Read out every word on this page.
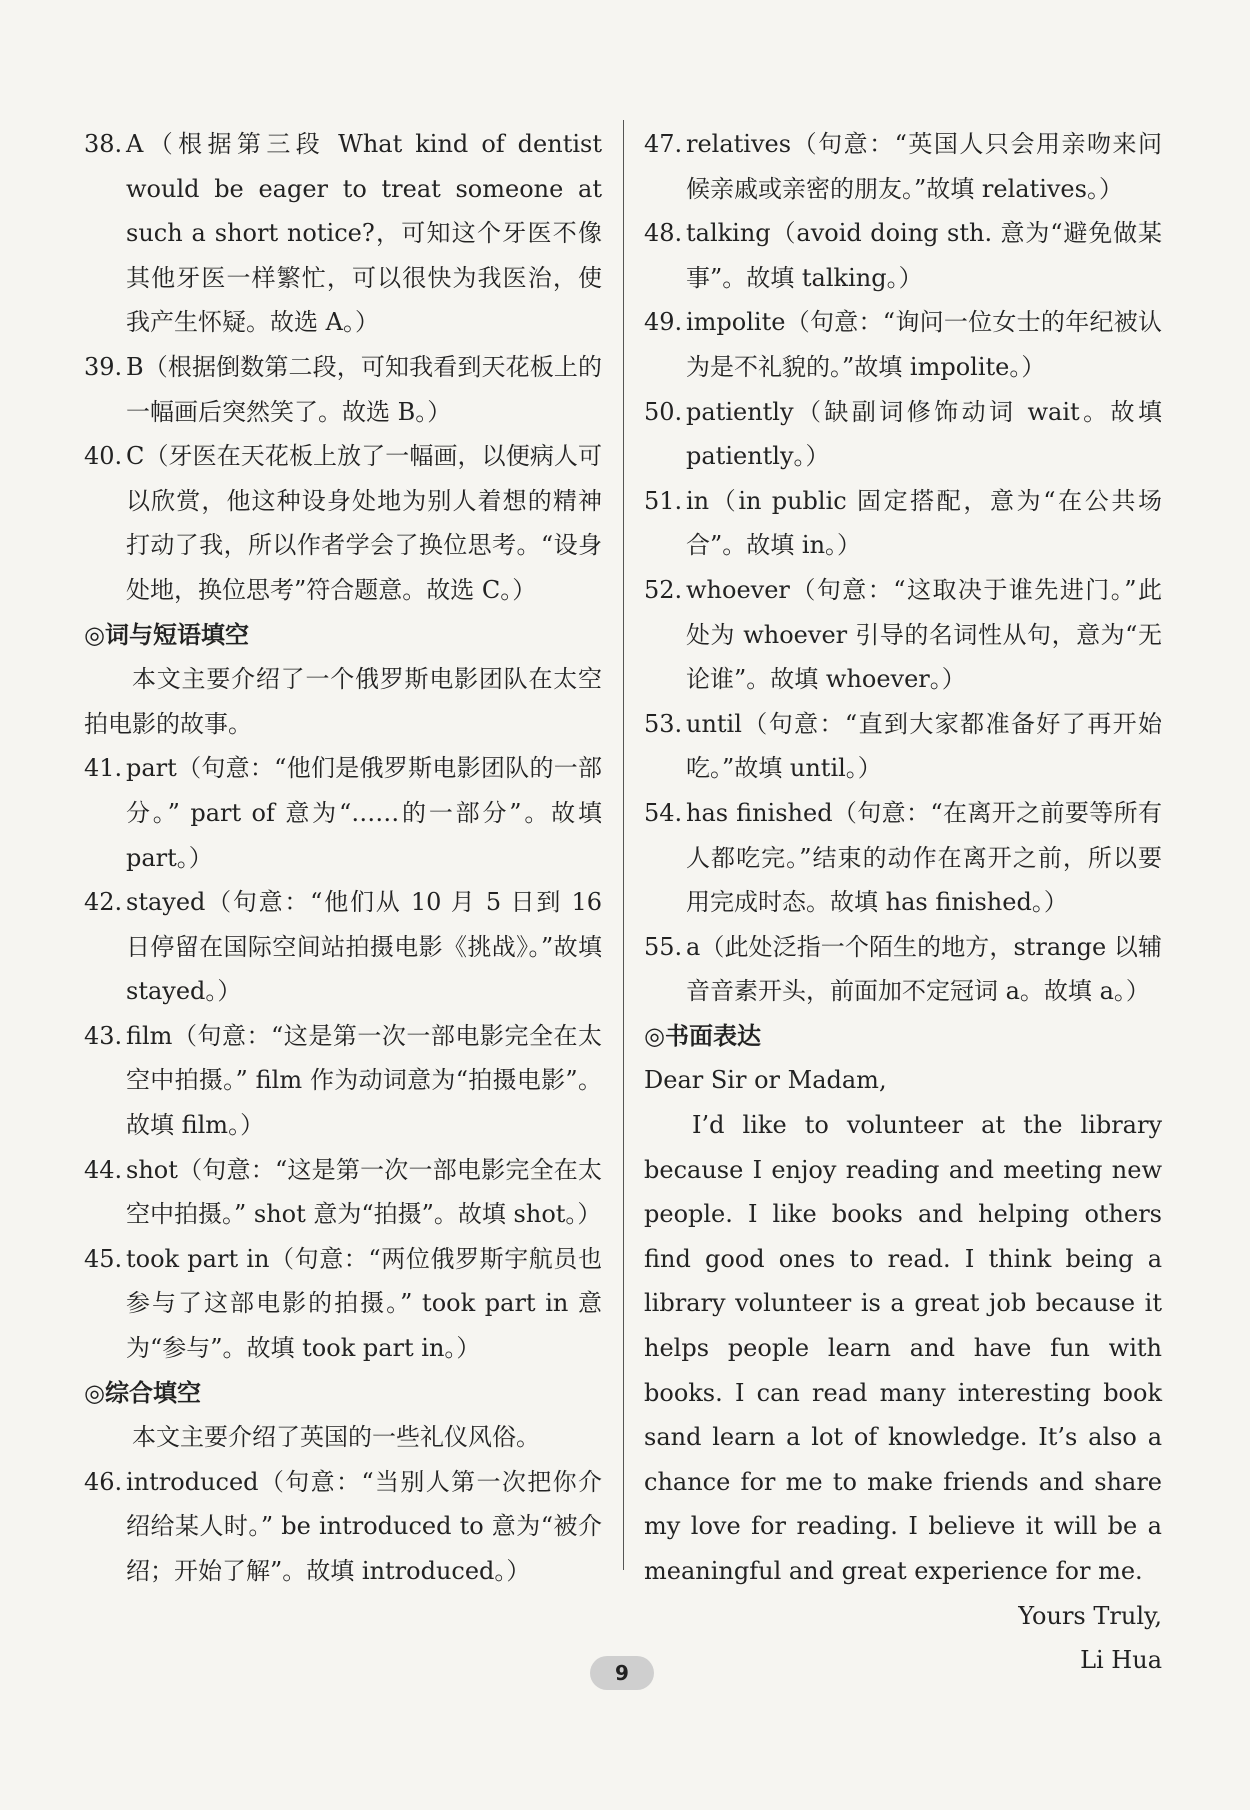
38. A（根据第三段 What kind of dentist would be eager to treat someone at such a short notice?，可知这个牙医不像其他牙医一样繁忙，可以很快为我医治，使我产生怀疑。故选 A。）
39. B（根据倒数第二段，可知我看到天花板上的一幅画后突然笑了。故选 B。）
40. C（牙医在天花板上放了一幅画，以便病人可以欣赏，他这种设身处地为别人着想的精神打动了我，所以作者学会了换位思考。“设身处地，换位思考”符合题意。故选 C。）
◎词与短语填空
本文主要介绍了一个俄罗斯电影团队在太空拍电影的故事。
41. part（句意：“他们是俄罗斯电影团队的一部分。” part of 意为“……的一部分”。故填 part。）
42. stayed（句意：“他们从 10 月 5 日到 16 日停留在国际空间站拍摄电影《挑战》。”故填 stayed。）
43. film（句意：“这是第一次一部电影完全在太空中拍摄。” film 作为动词意为“拍摄电影”。故填 film。）
44. shot（句意：“这是第一次一部电影完全在太空中拍摄。” shot 意为“拍摄”。故填 shot。）
45. took part in（句意：“两位俄罗斯宇航员也参与了这部电影的拍摄。” took part in 意为“参与”。故填 took part in。）
◎综合填空
本文主要介绍了英国的一些礼仪风俗。
46. introduced（句意：“当别人第一次把你介绍给某人时。” be introduced to 意为“被介绍；开始了解”。故填 introduced。）
47. relatives（句意：“英国人只会用亲吻来问候亲戚或亲密的朋友。”故填 relatives。）
48. talking（avoid doing sth. 意为“避免做某事”。故填 talking。）
49. impolite（句意：“询问一位女士的年纪被认为是不礼貌的。”故填 impolite。）
50. patiently（缺副词修饰动词 wait。故填 patiently。）
51. in（in public 固定搭配，意为“在公共场合”。故填 in。）
52. whoever（句意：“这取决于谁先进门。”此处为 whoever 引导的名词性从句，意为“无论谁”。故填 whoever。）
53. until（句意：“直到大家都准备好了再开始吃。”故填 until。）
54. has finished（句意：“在离开之前要等所有人都吃完。”结束的动作在离开之前，所以要用完成时态。故填 has finished。）
55. a（此处泛指一个陌生的地方，strange 以辅音音素开头，前面加不定冠词 a。故填 a。）
◎书面表达
Dear Sir or Madam,
I’d like to volunteer at the library because I enjoy reading and meeting new people. I like books and helping others find good ones to read. I think being a library volunteer is a great job because it helps people learn and have fun with books. I can read many interesting book sand learn a lot of knowledge. It’s also a chance for me to make friends and share my love for reading. I believe it will be a meaningful and great experience for me.
Yours Truly,
Li Hua
9
